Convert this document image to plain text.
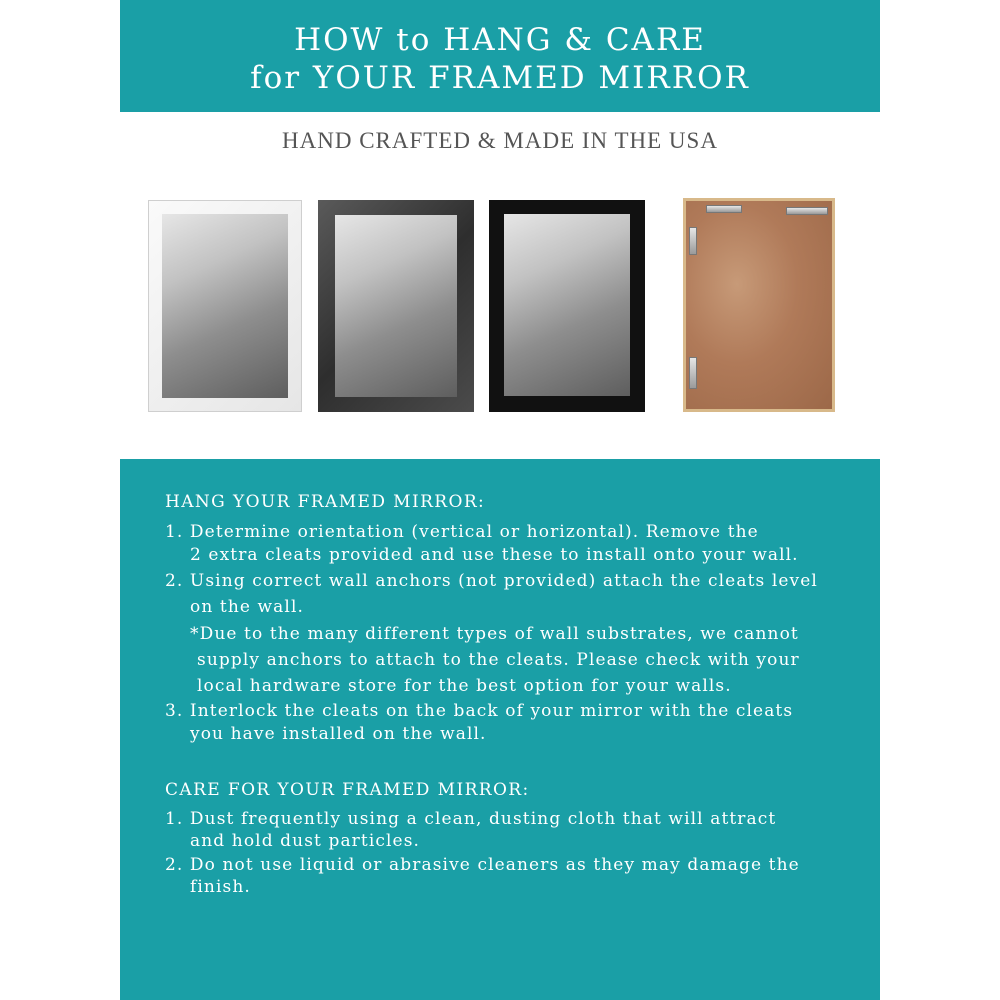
HOW to HANG & CARE
for YOUR FRAMED MIRROR
HAND CRAFTED & MADE IN THE USA
HANG YOUR FRAMED MIRROR:
1. Determine orientation (vertical or horizontal). Remove the
2 extra cleats provided and use these to install onto your wall.
2. Using correct wall anchors (not provided) attach the cleats level
on the wall.
*Due to the many different types of wall substrates, we cannot
supply anchors to attach to the cleats. Please check with your
local hardware store for the best option for your walls.
3. Interlock the cleats on the back of your mirror with the cleats
you have installed on the wall.
CARE FOR YOUR FRAMED MIRROR:
1. Dust frequently using a clean, dusting cloth that will attract
and hold dust particles.
2. Do not use liquid or abrasive cleaners as they may damage the
finish.
